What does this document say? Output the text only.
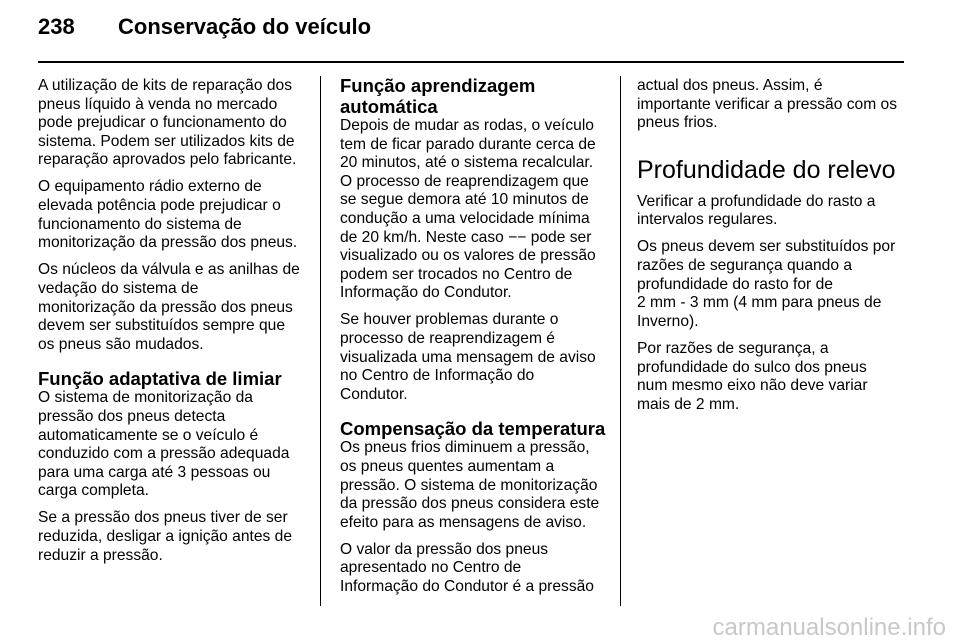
238 Conservação do veículo

A utilização de kits de reparação dos
pneus líquido à venda no mercado
pode prejudicar o funcionamento do
sistema. Podem ser utilizados kits de
reparação aprovados pelo fabricante.

O equipamento rádio externo de
elevada potência pode prejudicar o
funcionamento do sistema de
monitorização da pressão dos pneus.

Os núcleos da válvula e as anilhas de
vedação do sistema de
monitorização da pressão dos pneus
devem ser substituídos sempre que
os pneus são mudados.

Função adaptativa de limiar

O sistema de monitorização da
pressão dos pneus detecta
automaticamente se o veículo é
conduzido com a pressão adequada
para uma carga até 3 pessoas ou
carga completa.

Se a pressão dos pneus tiver de ser
reduzida, desligar a ignição antes de
reduzir a pressão.

Função aprendizagem
automática

Depois de mudar as rodas, o veículo
tem de ficar parado durante cerca de
20 minutos, até o sistema recalcular.
O processo de reaprendizagem que
se segue demora até 10 minutos de
condução a uma velocidade mínima
de 20 km/h. Neste caso −− pode ser
visualizado ou os valores de pressão
podem ser trocados no Centro de
Informação do Condutor.

Se houver problemas durante o
processo de reaprendizagem é
visualizada uma mensagem de aviso
no Centro de Informação do
Condutor.

Compensação da temperatura

Os pneus frios diminuem a pressão,
os pneus quentes aumentam a
pressão. O sistema de monitorização
da pressão dos pneus considera este
efeito para as mensagens de aviso.

O valor da pressão dos pneus
apresentado no Centro de
Informação do Condutor é a pressão

actual dos pneus. Assim, é
importante verificar a pressão com os
pneus frios.

Profundidade do relevo

Verificar a profundidade do rasto a
intervalos regulares.

Os pneus devem ser substituídos por
razões de segurança quando a
profundidade do rasto for de
2 mm - 3 mm (4 mm para pneus de
Inverno).

Por razões de segurança, a
profundidade do sulco dos pneus
num mesmo eixo não deve variar
mais de 2 mm.

carmanualsonline.info
